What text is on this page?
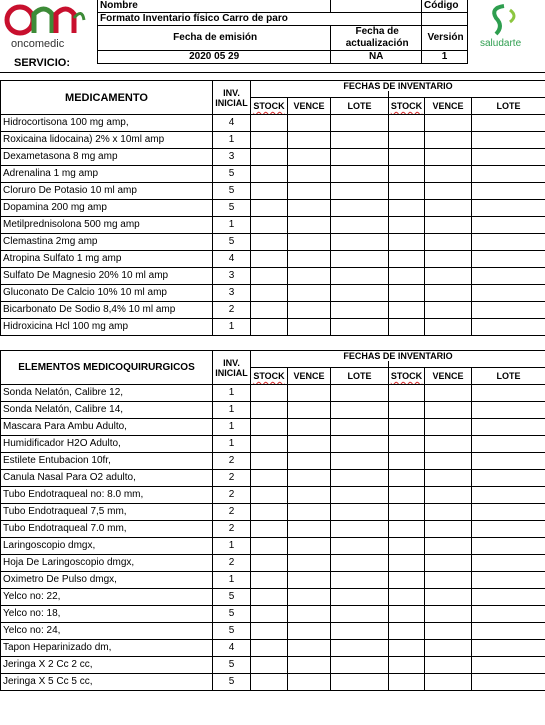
oncomedic
Nombre		Código
Formato Inventario físico Carro de paro		
Fecha de emisión	Fecha de actualización	Versión
2020 05 29	NA	1
saludarte
SERVICIO:
MEDICAMENTO	INV. INICIAL	FECHAS DE INVENTARIO					

		STOCK	VENCE	LOTE	STOCK	VENCE	LOTE
Hidrocortisona 100 mg amp,	4						
Roxicaina lidocaina) 2% x 10ml amp	1						
Dexametasona 8 mg amp	3						
Adrenalina 1 mg amp	5						
Cloruro De Potasio 10 ml amp	5						
Dopamina 200 mg amp	5						
Metilprednisolona 500 mg amp	1						
Clemastina 2mg amp	5						
Atropina Sulfato 1 mg amp	4						
Sulfato De Magnesio 20% 10 ml amp	3						
Gluconato De Calcio 10% 10 ml amp	3						
Bicarbonato De Sodio 8,4% 10 ml amp	2						
Hidroxicina Hcl 100 mg amp	1						
ELEMENTOS MEDICOQUIRURGICOS	INV. INICIAL	FECHAS DE INVENTARIO					

		STOCK	VENCE	LOTE	STOCK	VENCE	LOTE
Sonda Nelatón, Calibre 12,	1						
Sonda Nelatón, Calibre 14,	1						
Mascara Para Ambu Adulto,	1						
Humidificador H2O Adulto,	1						
Estilete Entubacion 10fr,	2						
Canula Nasal Para O2 adulto,	2						
Tubo Endotraqueal no: 8.0 mm,	2						
Tubo Endotraqueal 7,5 mm,	2						
Tubo Endotraqueal 7.0 mm,	2						
Laringoscopio dmgx,	1						
Hoja De Laringoscopio dmgx,	2						
Oximetro De Pulso dmgx,	1						
Yelco no: 22,	5						
Yelco no: 18,	5						
Yelco no: 24,	5						
Tapon Heparinizado dm,	4						
Jeringa X 2 Cc 2 cc,	5						
Jeringa X 5 Cc 5 cc,	5						
